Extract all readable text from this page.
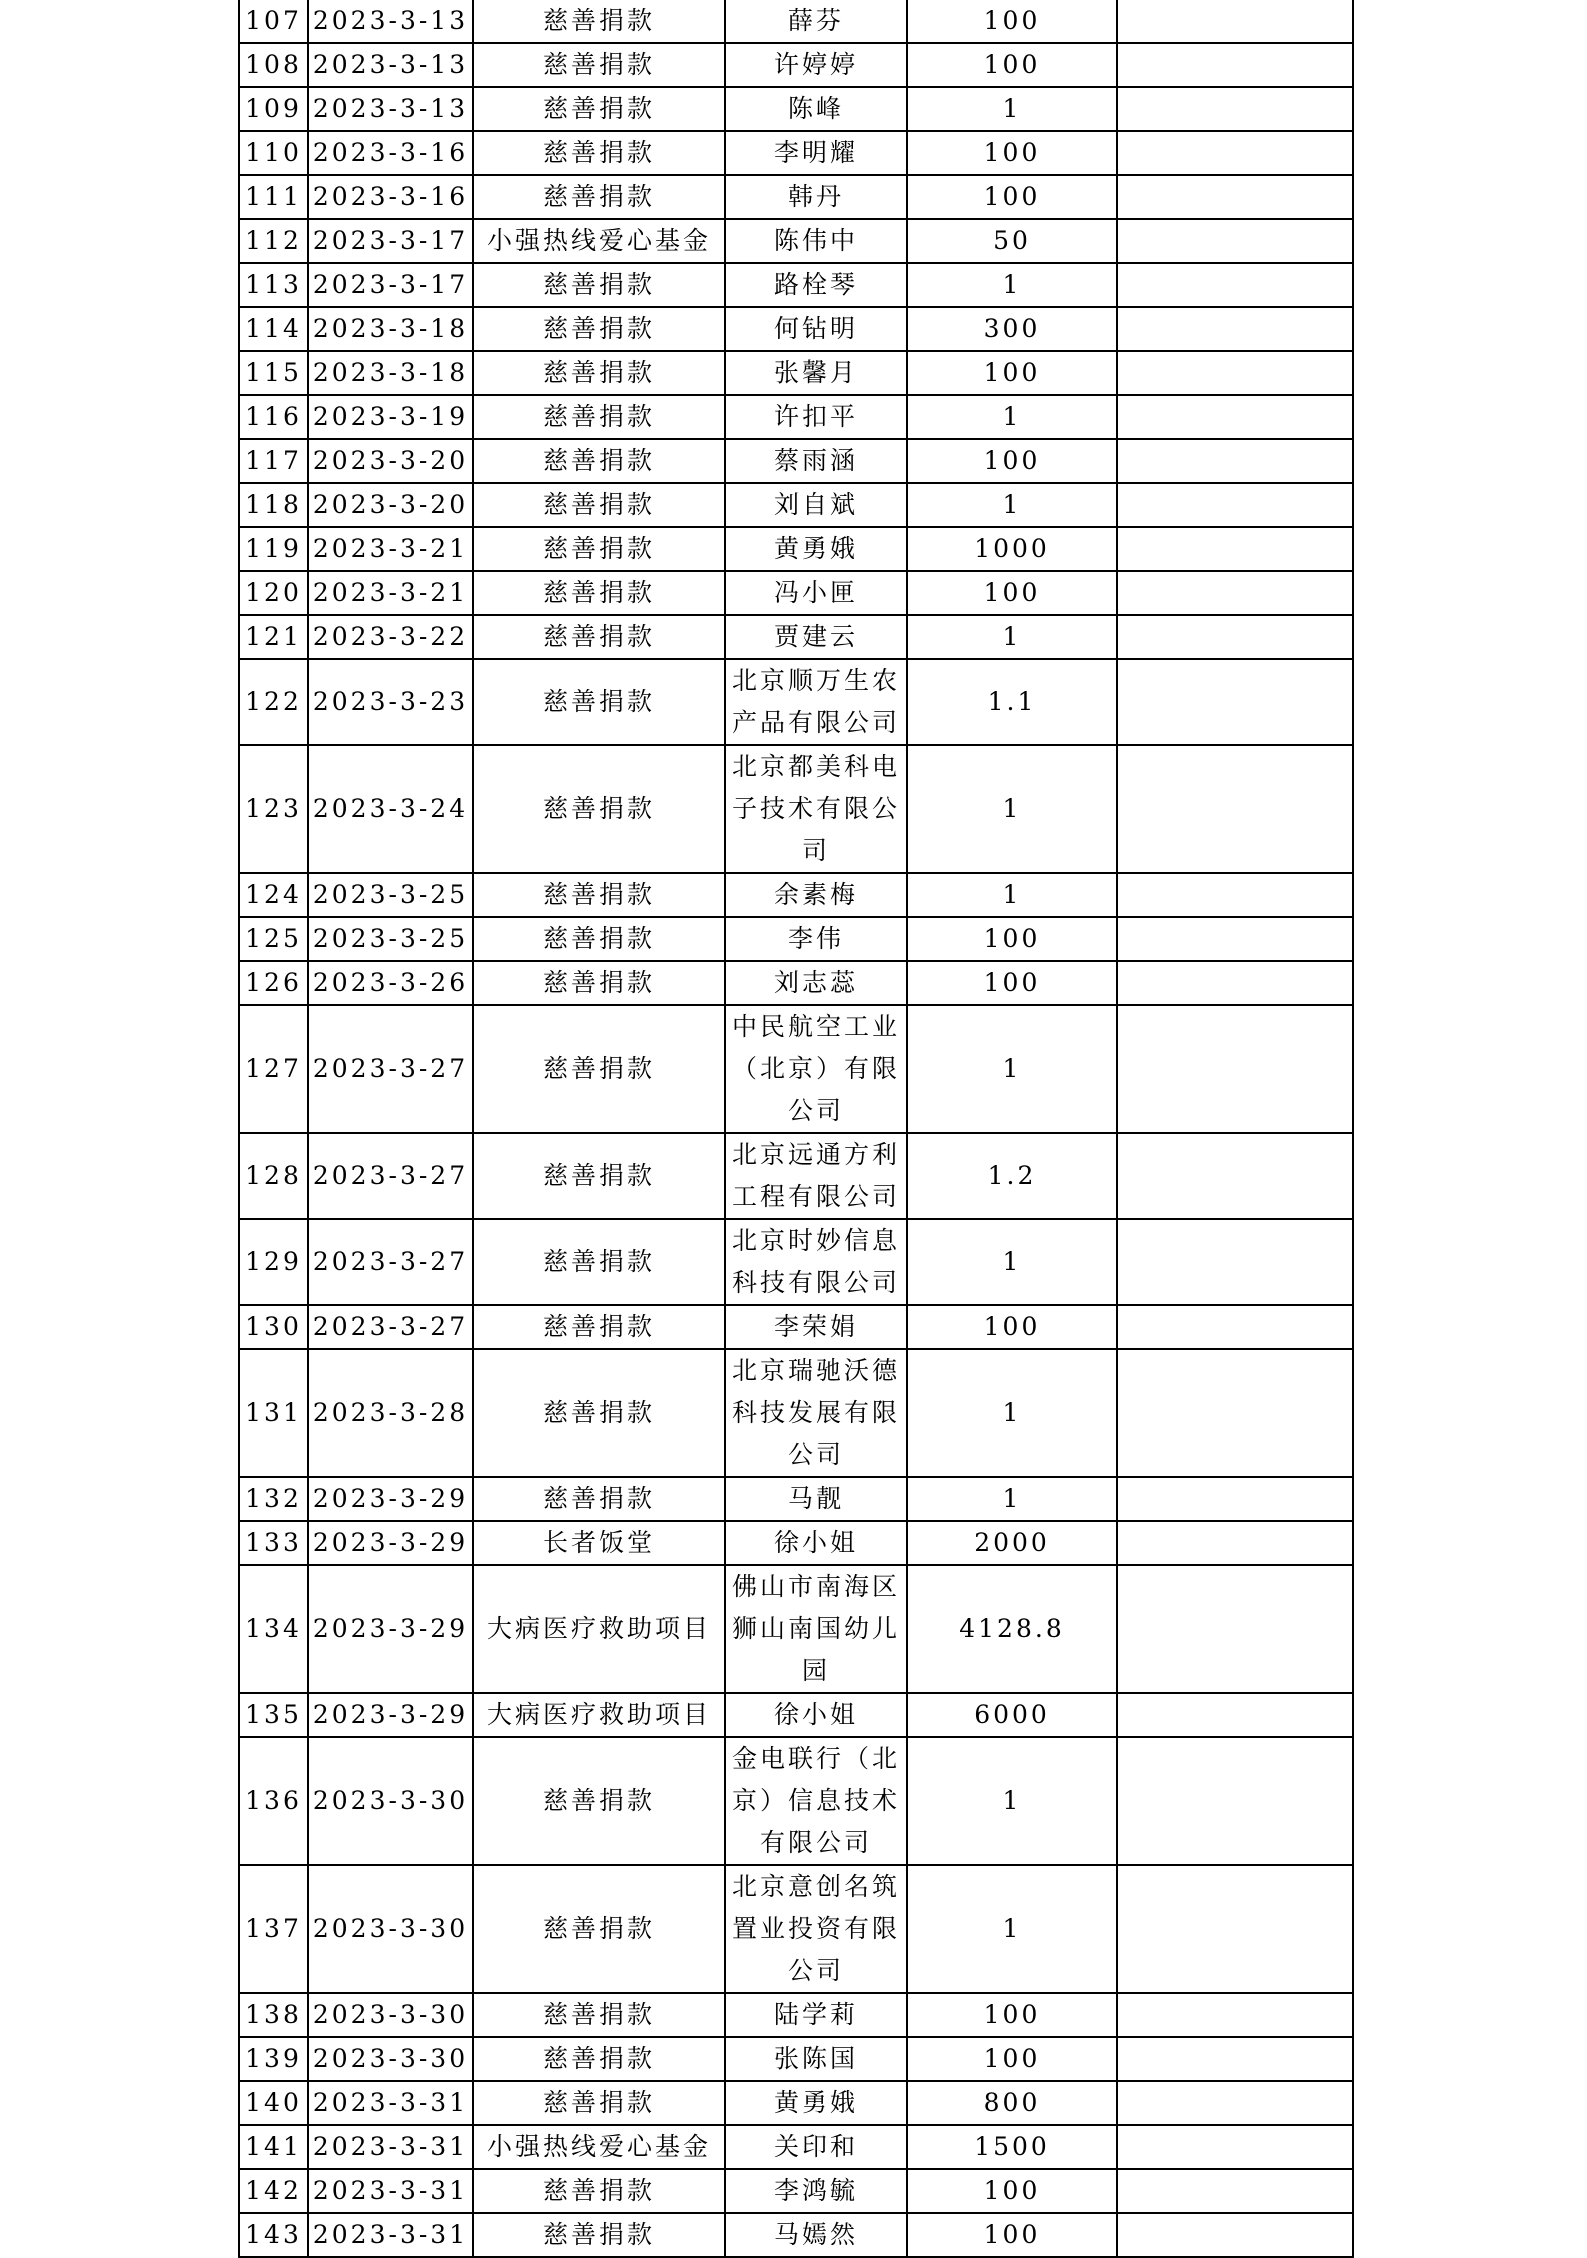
107	2023-3-13	慈善捐款	薛芬	100	
108	2023-3-13	慈善捐款	许婷婷	100	
109	2023-3-13	慈善捐款	陈峰	1	
110	2023-3-16	慈善捐款	李明耀	100	
111	2023-3-16	慈善捐款	韩丹	100	
112	2023-3-17	小强热线爱心基金	陈伟中	50	
113	2023-3-17	慈善捐款	路栓琴	1	
114	2023-3-18	慈善捐款	何钻明	300	
115	2023-3-18	慈善捐款	张馨月	100	
116	2023-3-19	慈善捐款	许扣平	1	
117	2023-3-20	慈善捐款	蔡雨涵	100	
118	2023-3-20	慈善捐款	刘自斌	1	
119	2023-3-21	慈善捐款	黄勇娥	1000	
120	2023-3-21	慈善捐款	冯小匣	100	
121	2023-3-22	慈善捐款	贾建云	1	
122	2023-3-23	慈善捐款	北京顺万生农产品有限公司	1.1	
123	2023-3-24	慈善捐款	北京都美科电子技术有限公司	1	
124	2023-3-25	慈善捐款	余素梅	1	
125	2023-3-25	慈善捐款	李伟	100	
126	2023-3-26	慈善捐款	刘志蕊	100	
127	2023-3-27	慈善捐款	中民航空工业（北京）有限公司	1	
128	2023-3-27	慈善捐款	北京远通方利工程有限公司	1.2	
129	2023-3-27	慈善捐款	北京时妙信息科技有限公司	1	
130	2023-3-27	慈善捐款	李荣娟	100	
131	2023-3-28	慈善捐款	北京瑞驰沃德科技发展有限公司	1	
132	2023-3-29	慈善捐款	马靓	1	
133	2023-3-29	长者饭堂	徐小姐	2000	
134	2023-3-29	大病医疗救助项目	佛山市南海区狮山南国幼儿园	4128.8	
135	2023-3-29	大病医疗救助项目	徐小姐	6000	
136	2023-3-30	慈善捐款	金电联行（北京）信息技术有限公司	1	
137	2023-3-30	慈善捐款	北京意创名筑置业投资有限公司	1	
138	2023-3-30	慈善捐款	陆学莉	100	
139	2023-3-30	慈善捐款	张陈国	100	
140	2023-3-31	慈善捐款	黄勇娥	800	
141	2023-3-31	小强热线爱心基金	关印和	1500	
142	2023-3-31	慈善捐款	李鸿毓	100	
143	2023-3-31	慈善捐款	马嫣然	100	
